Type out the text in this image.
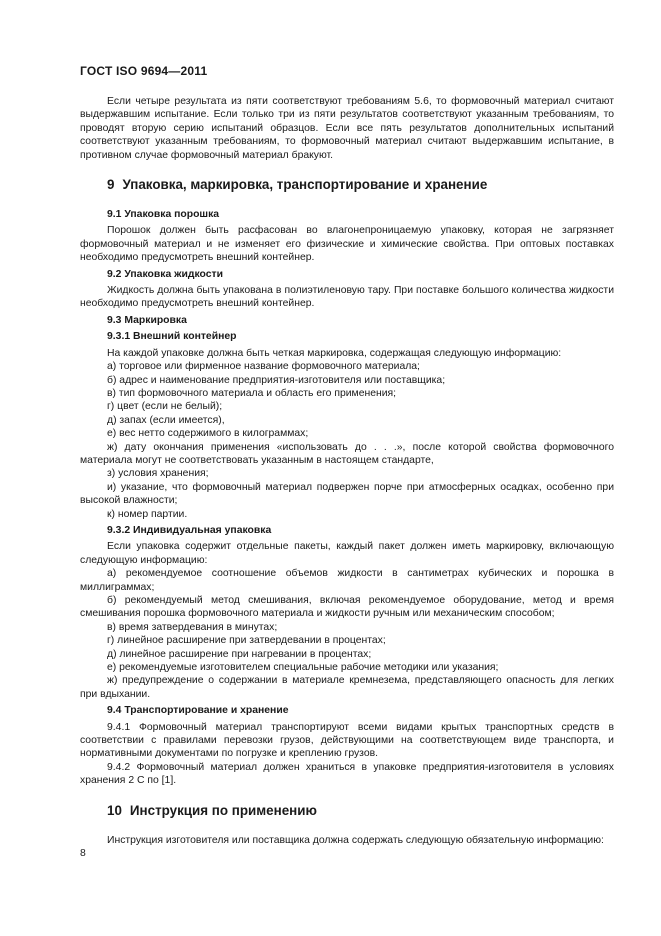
ГОСТ ISO 9694—2011

Если четыре результата из пяти соответствуют требованиям 5.6, то формовочный материал считают выдержавшим испытание. Если только три из пяти результатов соответствуют указанным требованиям, то проводят вторую серию испытаний образцов. Если все пять результатов дополнительных испытаний соответствуют указанным требованиям, то формовочный материал считают выдержавшим испытание, в противном случае формовочный материал бракуют.

9 Упаковка, маркировка, транспортирование и хранение

9.1 Упаковка порошка

Порошок должен быть расфасован во влагонепроницаемую упаковку, которая не загрязняет формовочный материал и не изменяет его физические и химические свойства. При оптовых поставках необходимо предусмотреть внешний контейнер.

9.2 Упаковка жидкости

Жидкость должна быть упакована в полиэтиленовую тару. При поставке большого количества жидкости необходимо предусмотреть внешний контейнер.

9.3 Маркировка

9.3.1 Внешний контейнер

На каждой упаковке должна быть четкая маркировка, содержащая следующую информацию:

а) торговое или фирменное название формовочного материала;

б) адрес и наименование предприятия-изготовителя или поставщика;

в) тип формовочного материала и область его применения;

г) цвет (если не белый);

д) запах (если имеется),

е) вес нетто содержимого в килограммах;

ж) дату окончания применения «использовать до . . .», после которой свойства формовочного материала могут не соответствовать указанным в настоящем стандарте,

з) условия хранения;

и) указание, что формовочный материал подвержен порче при атмосферных осадках, особенно при высокой влажности;

к) номер партии.

9.3.2 Индивидуальная упаковка

Если упаковка содержит отдельные пакеты, каждый пакет должен иметь маркировку, включающую следующую информацию:

а) рекомендуемое соотношение объемов жидкости в сантиметрах кубических и порошка в миллиграммах;

б) рекомендуемый метод смешивания, включая рекомендуемое оборудование, метод и время смешивания порошка формовочного материала и жидкости ручным или механическим способом;

в) время затвердевания в минутах;

г) линейное расширение при затвердевании в процентах;

д) линейное расширение при нагревании в процентах;

е) рекомендуемые изготовителем специальные рабочие методики или указания;

ж) предупреждение о содержании в материале кремнезема, представляющего опасность для легких при вдыхании.

9.4 Транспортирование и хранение

9.4.1 Формовочный материал транспортируют всеми видами крытых транспортных средств в соответствии с правилами перевозки грузов, действующими на соответствующем виде транспорта, и нормативными документами по погрузке и креплению грузов.

9.4.2 Формовочный материал должен храниться в упаковке предприятия-изготовителя в условиях хранения 2 С по [1].

10 Инструкция по применению

Инструкция изготовителя или поставщика должна содержать следующую обязательную информацию:

8
